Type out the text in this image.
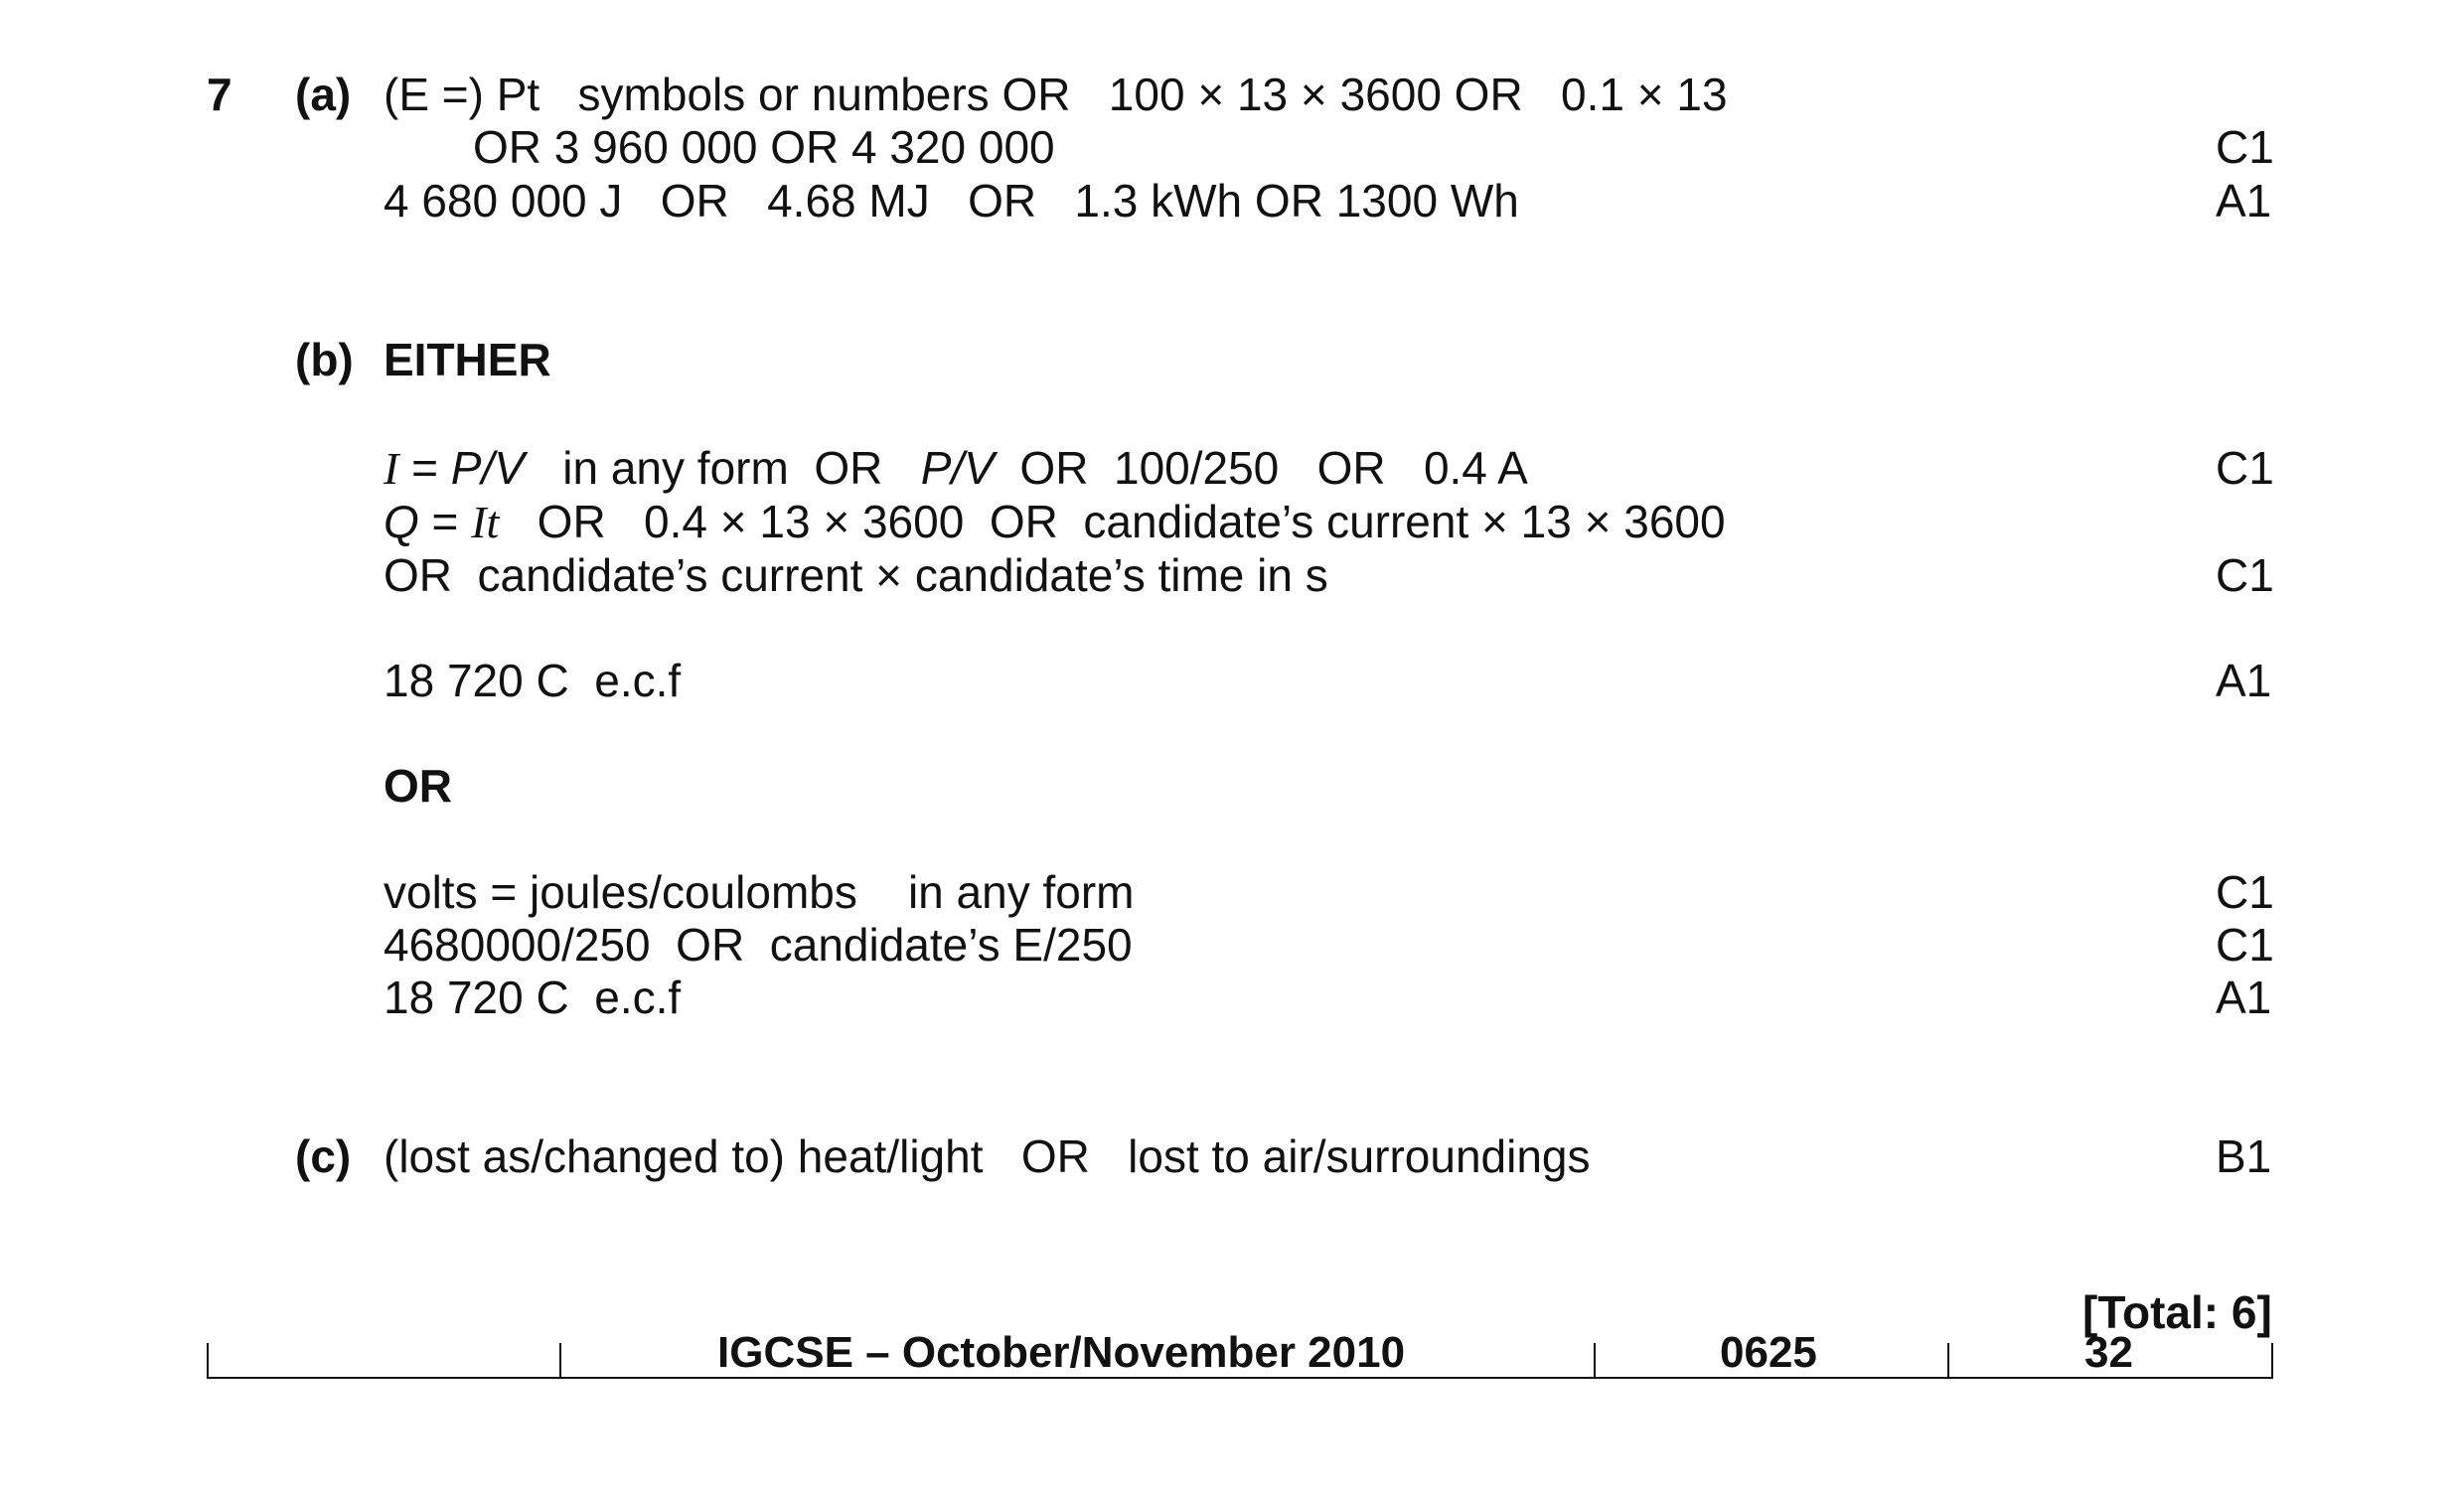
7 (a) (E =) Pt   symbols or numbers OR   100 × 13 × 3600 OR   0.1 × 13
OR 3 960 000 OR 4 320 000	C1
4 680 000 J   OR   4.68 MJ   OR   1.3 kWh OR 1300 Wh	A1
(b) EITHER
I = P/V   in any form  OR   P/V  OR  100/250   OR   0.4 A	C1
Q = It   OR   0.4 × 13 × 3600  OR  candidate’s current × 13 × 3600
OR  candidate’s current × candidate’s time in s	C1
18 720 C  e.c.f	A1
OR
volts = joules/coulombs    in any form	C1
4680000/250  OR  candidate’s E/250	C1
18 720 C  e.c.f	A1
(c) (lost as/changed to) heat/light   OR   lost to air/surroundings	B1
[Total: 6]
IGCSE – October/November 2010	0625	32
